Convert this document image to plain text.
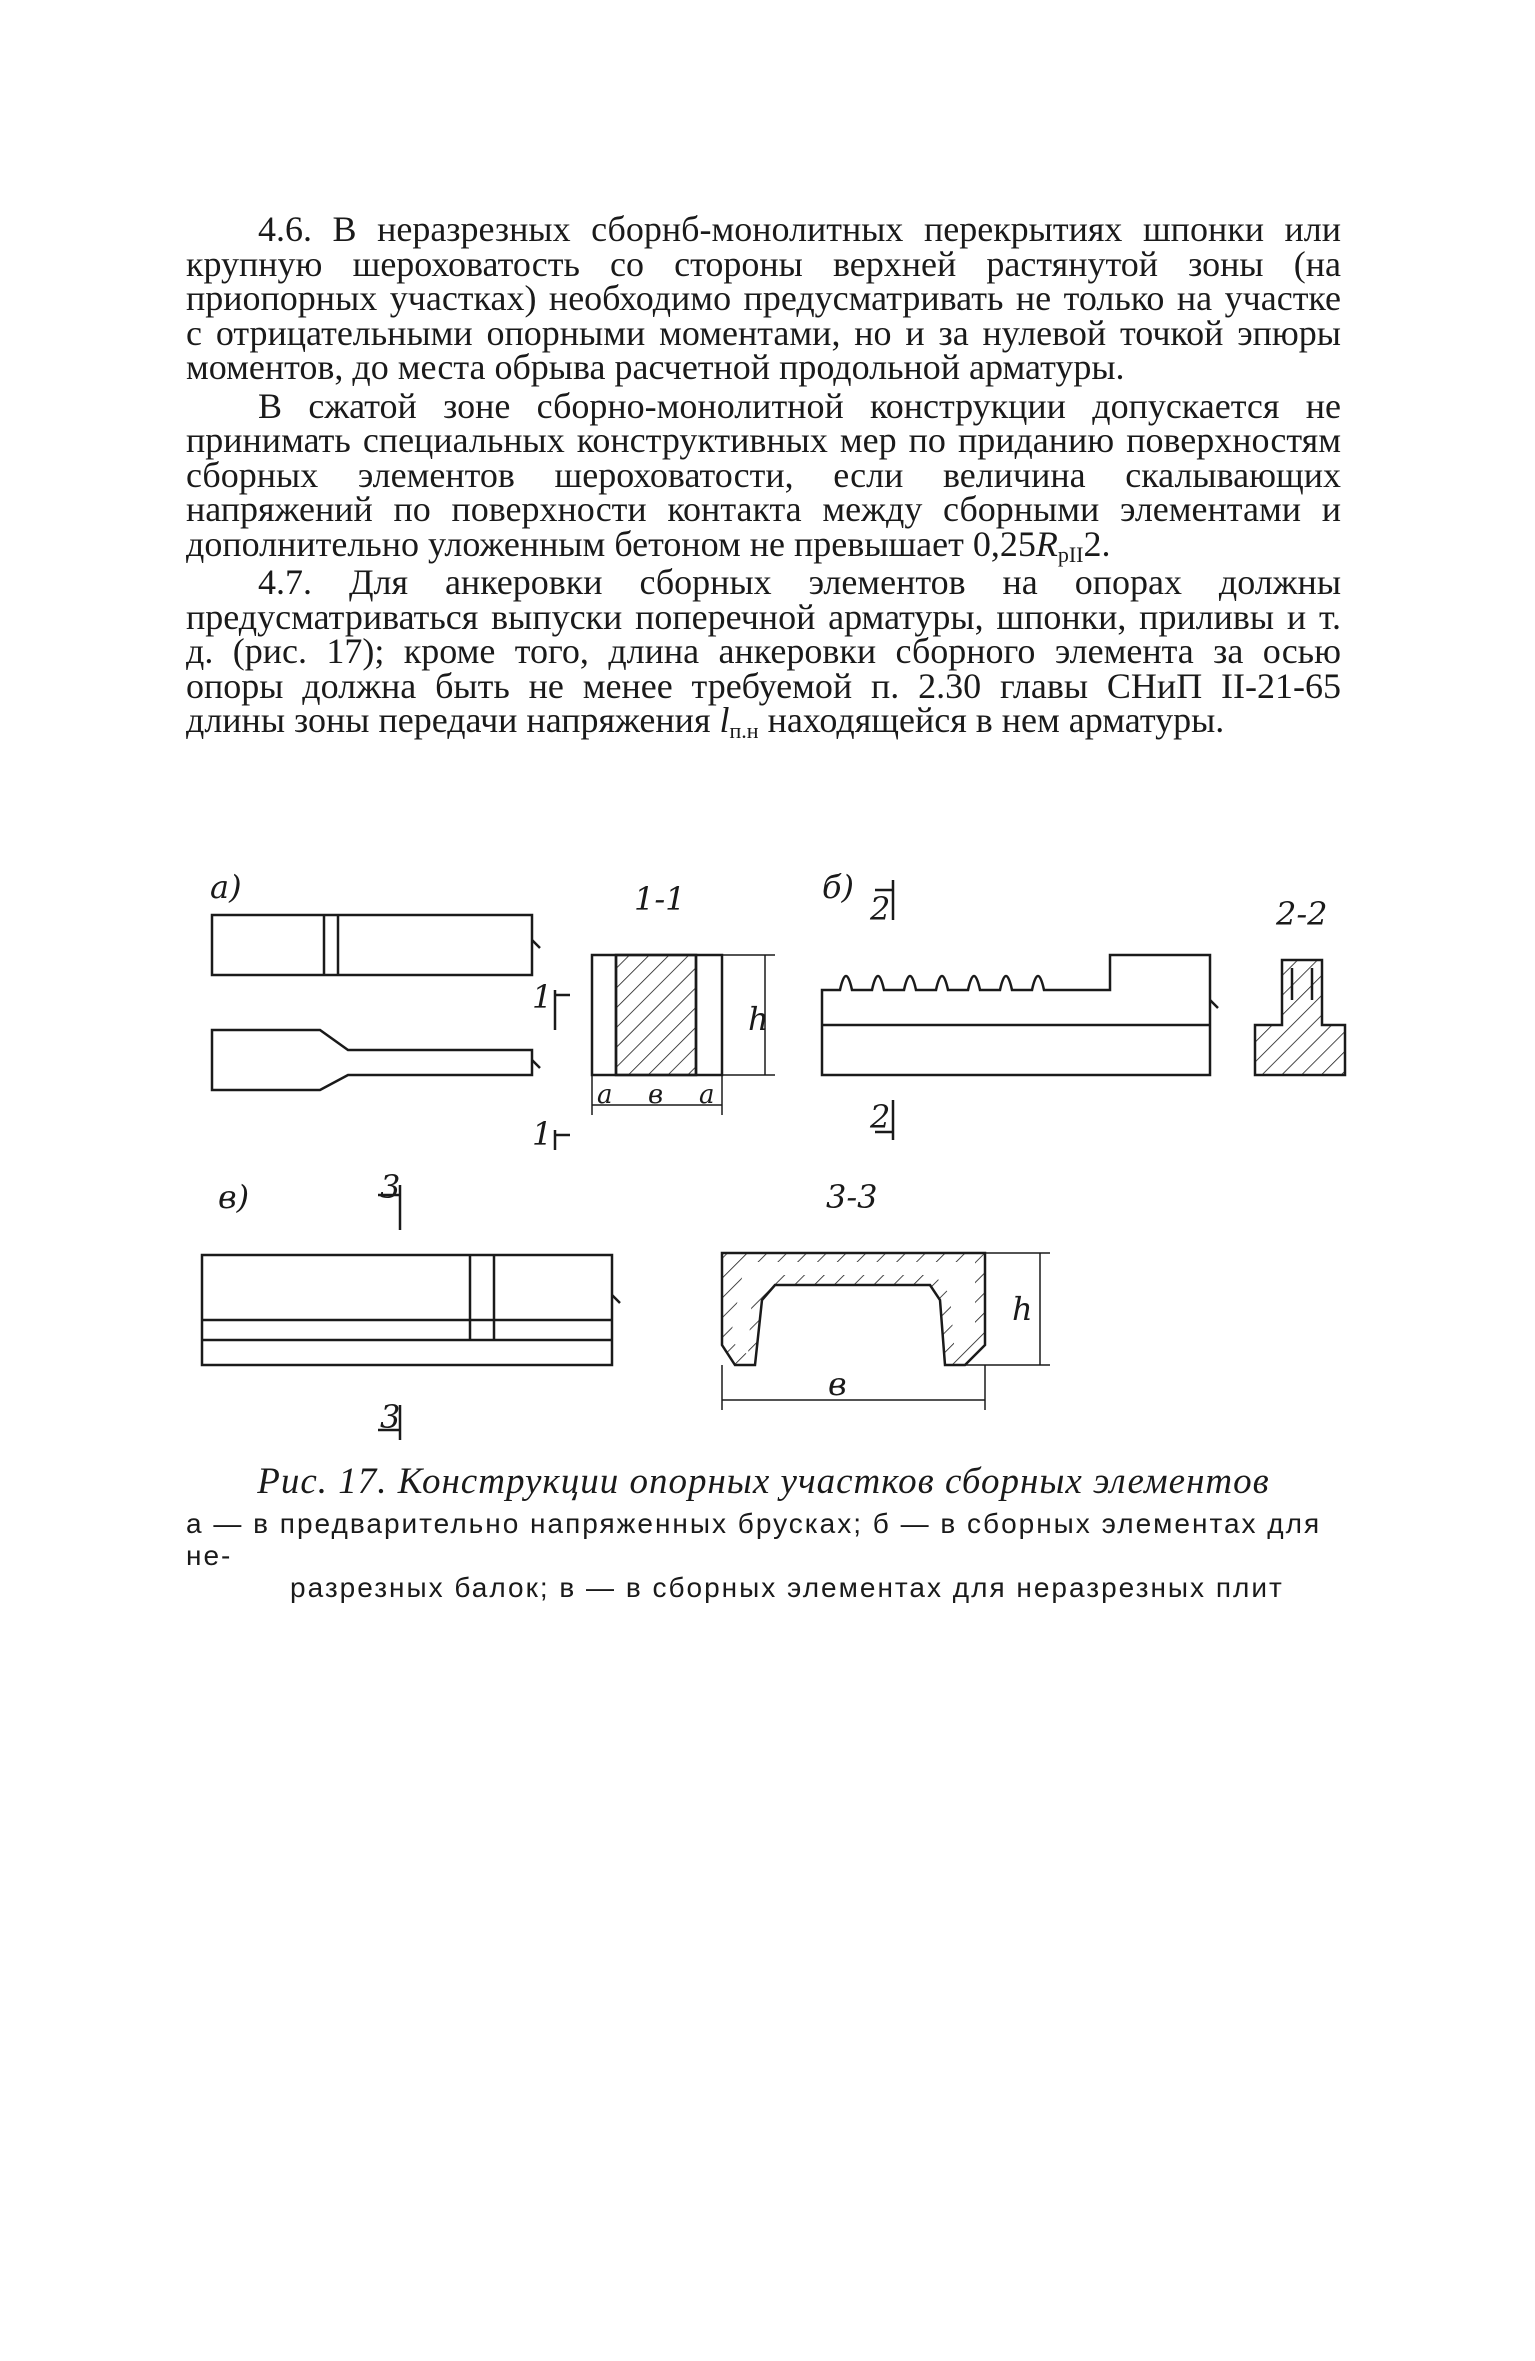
4.6. В неразрезных сборнб-монолитных перекрытиях шпонки или крупную шероховатость со стороны верхней растянутой зоны (на приопорных участках) необходимо предусматривать не только на участке с отрицательными опорными моментами, но и за нулевой точкой эпюры моментов, до места обрыва расчетной продольной арматуры.

В сжатой зоне сборно-монолитной конструкции допускается не принимать специальных конструктивных мер по приданию поверхностям сборных элементов шероховатости, если величина скалывающих напряжений по поверхности контакта между сборными элементами и дополнительно уложенным бетоном не превышает $0,25R_{pII}2$.

4.7. Для анкеровки сборных элементов на опорах должны предусматриваться выпуски поперечной арматуры, шпонки, приливы и т. д. (рис. 17); кроме того, длина анкеровки сборного элемента за осью опоры должна быть не менее требуемой п. 2.30 главы СНиП II-21-65 длины зоны передачи напряжения $l_{п.н}$ находящейся в нем арматуры.

а)	б)
в)
1-1	2-2
3-3
1
1
2
2
3
3
а в а
h
h
в
Рис. 17. Конструкции опорных участков сборных элементов
а — в предварительно напряженных брусках; б — в сборных элементах для не-
разрезных балок; в — в сборных элементах для неразрезных плит
